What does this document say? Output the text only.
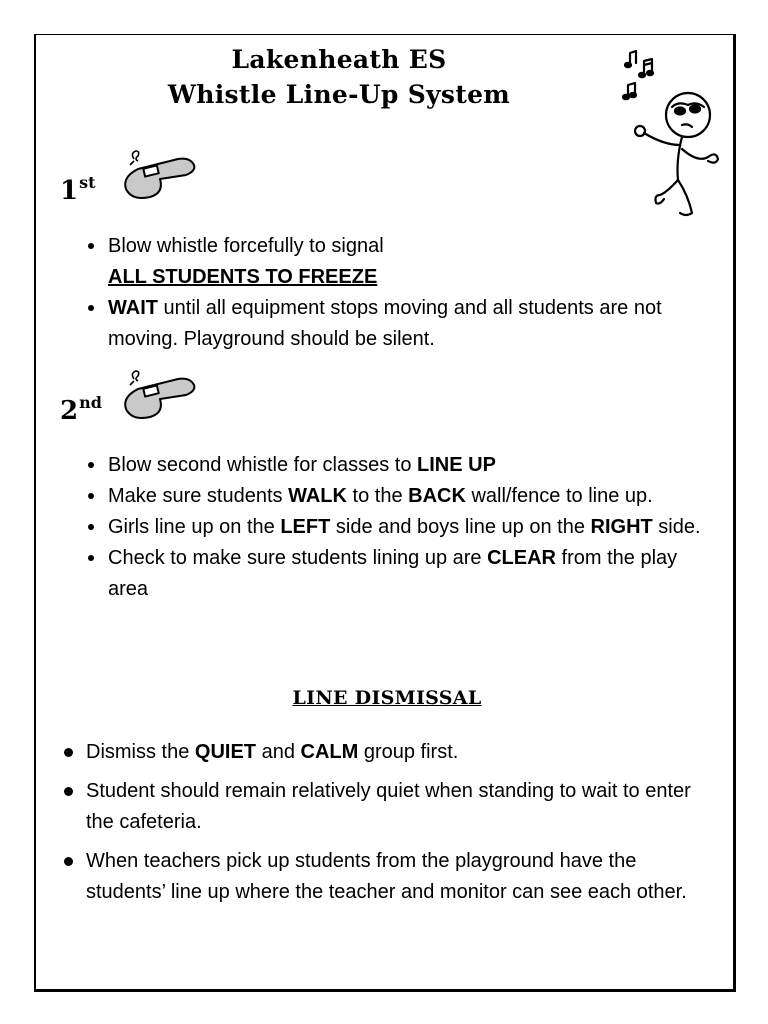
Lakenheath ES
Whistle Line-Up System
1st
Blow whistle forcefully to signal
ALL STUDENTS TO FREEZE
WAIT until all equipment stops moving and all students are not moving. Playground should be silent.
2nd
Blow second whistle for classes to LINE UP
Make sure students WALK to the BACK wall/fence to line up.
Girls line up on the LEFT side and boys line up on the RIGHT side.
Check to make sure students lining up are CLEAR from the play area
LINE DISMISSAL
Dismiss the QUIET and CALM group first.
Student should remain relatively quiet when standing to wait to enter the cafeteria.
When teachers pick up students from the playground have the students’ line up where the teacher and monitor can see each other.
